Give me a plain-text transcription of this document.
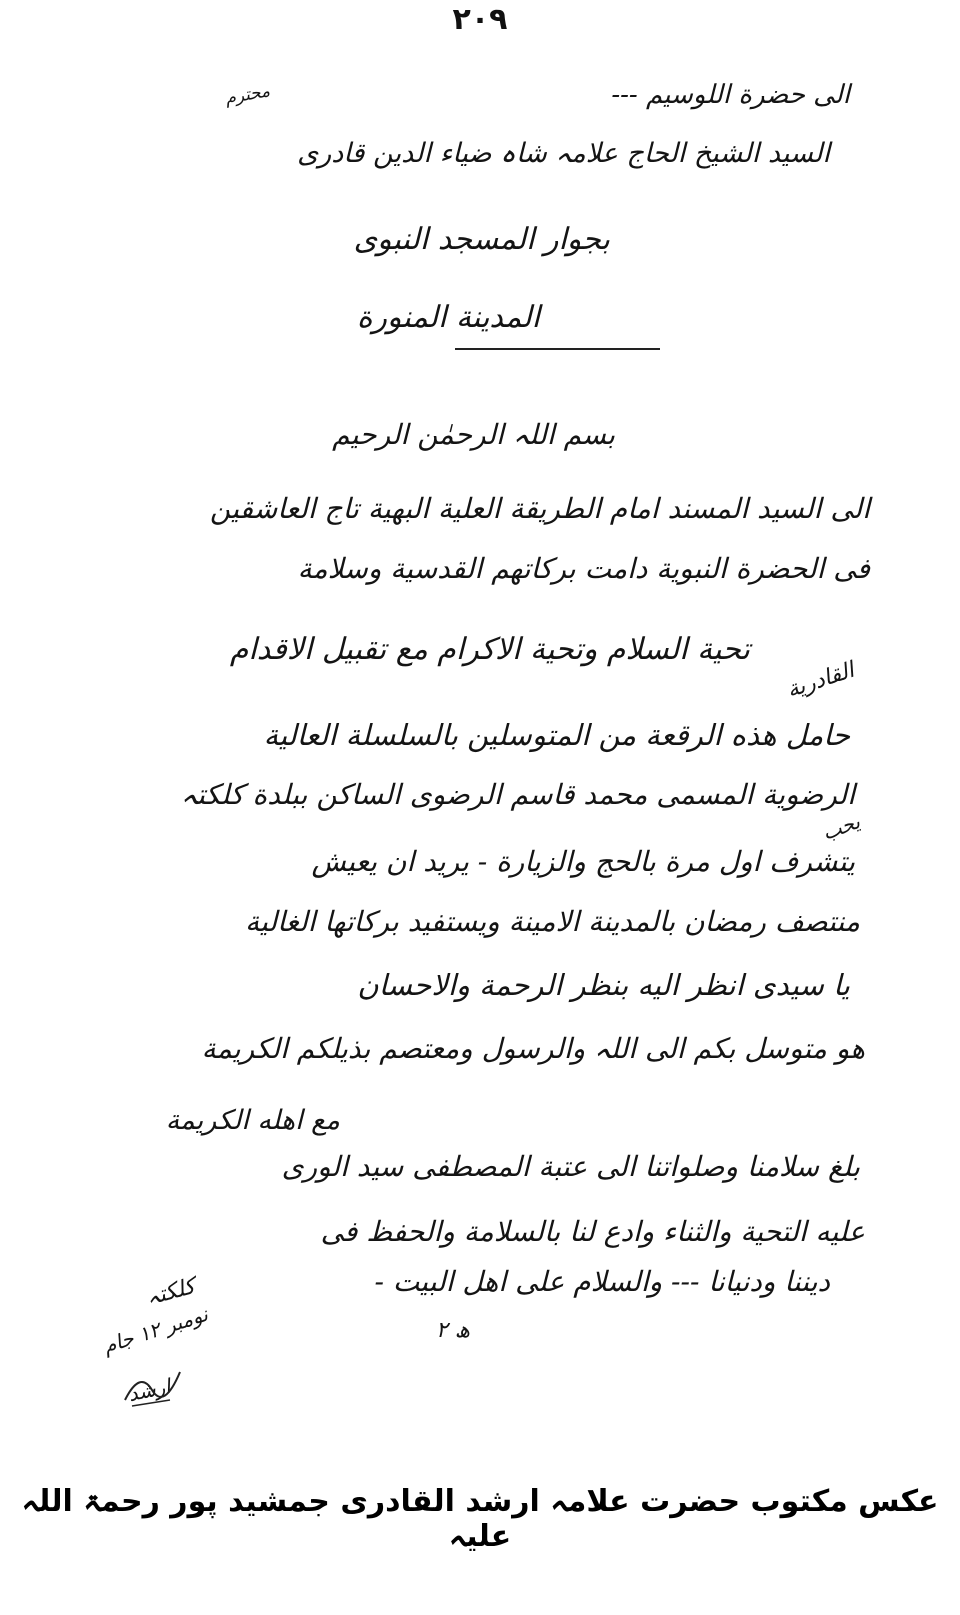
۲۰۹
الی حضرة اللوسیم ---
محترم
السید الشیخ الحاج علامہ شاہ ضیاء الدین قادری
بجوار المسجد النبوی
المدینة المنورة
بسم اللہ الرحمٰن الرحیم
الی السید المسند امام الطریقة العلیة البهیة تاج العاشقین
فی الحضرة النبویة دامت برکاتهم القدسیة وسلامة
تحیة السلام وتحیة الاکرام مع تقبیل الاقدام
القادریة
حامل هذه الرقعة من المتوسلین بالسلسلة العالیة
الرضویة المسمی محمد قاسم الرضوی الساکن ببلدة کلکتہ
یحب
یتشرف اول مرة بالحج والزیارة - یرید ان یعیش
منتصف رمضان بالمدینة الامینة ویستفید برکاتها الغالیة
یا سیدی انظر الیه بنظر الرحمة والاحسان
هو متوسل بکم الی اللہ والرسول ومعتصم بذیلکم الکریمة
مع اهله الکریمة
بلغ سلامنا وصلواتنا الی عتبة المصطفی سید الوری
علیه التحیة والثناء وادع لنا بالسلامة والحفظ فی
دیننا ودنیانا --- والسلام علی اهل البیت -
ھ ۲
کلکتہ
نومبر ۱۲ جام
ارشد
عکس مکتوب حضرت علامہ ارشد القادری جمشید پور رحمۃ اللہ علیہ
